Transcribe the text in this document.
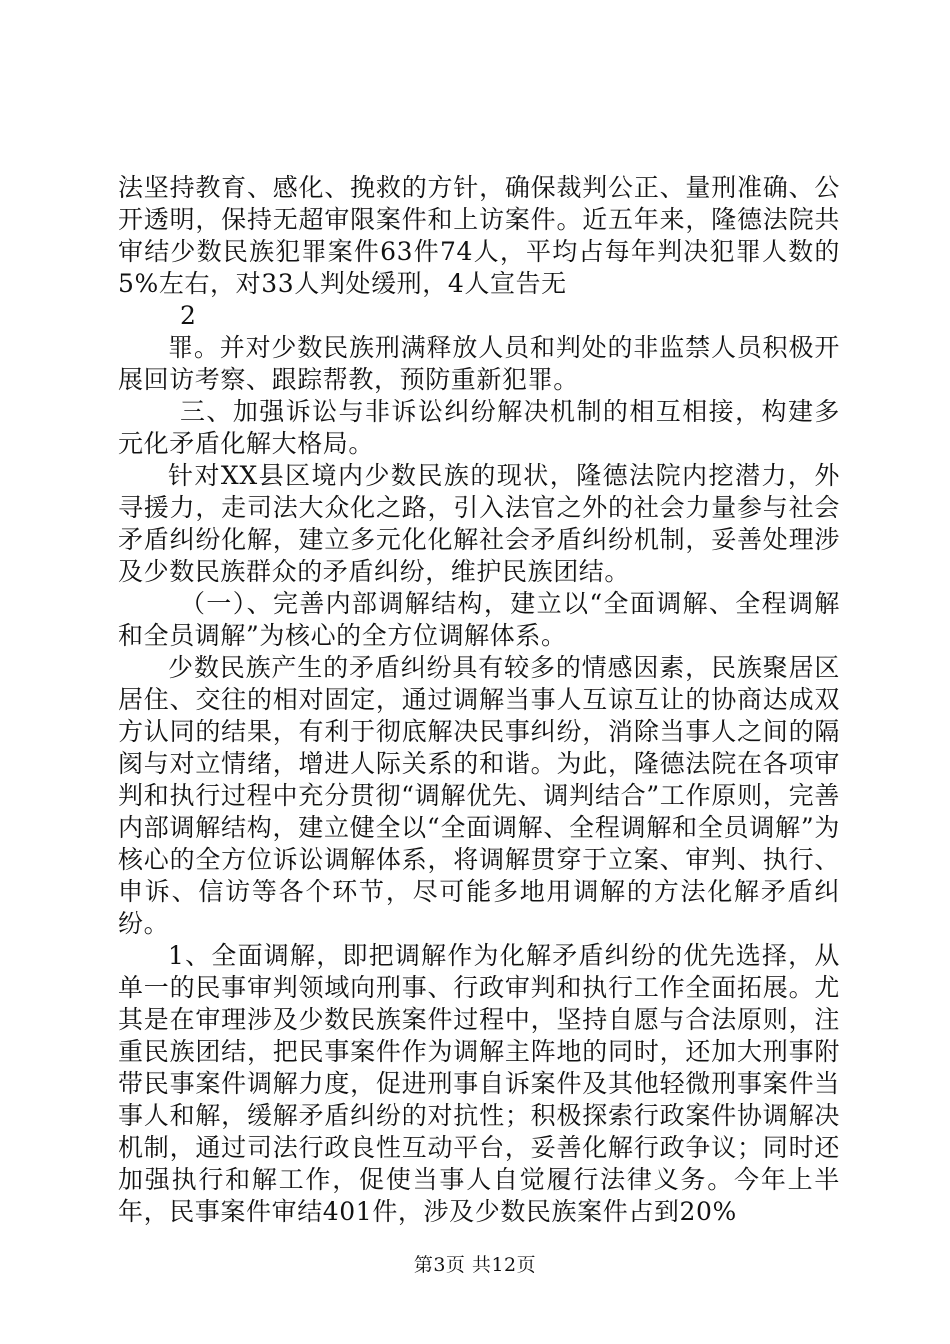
法坚持教育、感化、挽救的方针，确保裁判公正、量刑准确、公开透明，保持无超审限案件和上访案件。近五年来，隆德法院共审结少数民族犯罪案件63件74人，平均占每年判决犯罪人数的5%左右，对33人判处缓刑，4人宣告无

2

罪。并对少数民族刑满释放人员和判处的非监禁人员积极开展回访考察、跟踪帮教，预防重新犯罪。

三、加强诉讼与非诉讼纠纷解决机制的相互相接，构建多元化矛盾化解大格局。

针对XX县区境内少数民族的现状，隆德法院内挖潜力，外寻援力，走司法大众化之路，引入法官之外的社会力量参与社会矛盾纠纷化解，建立多元化化解社会矛盾纠纷机制，妥善处理涉及少数民族群众的矛盾纠纷，维护民族团结。

（一）、完善内部调解结构，建立以“全面调解、全程调解和全员调解”为核心的全方位调解体系。

少数民族产生的矛盾纠纷具有较多的情感因素，民族聚居区居住、交往的相对固定，通过调解当事人互谅互让的协商达成双方认同的结果，有利于彻底解决民事纠纷，消除当事人之间的隔阂与对立情绪，增进人际关系的和谐。为此，隆德法院在各项审判和执行过程中充分贯彻“调解优先、调判结合”工作原则，完善内部调解结构，建立健全以“全面调解、全程调解和全员调解”为核心的全方位诉讼调解体系，将调解贯穿于立案、审判、执行、申诉、信访等各个环节，尽可能多地用调解的方法化解矛盾纠纷。

1、全面调解，即把调解作为化解矛盾纠纷的优先选择，从单一的民事审判领域向刑事、行政审判和执行工作全面拓展。尤其是在审理涉及少数民族案件过程中，坚持自愿与合法原则，注重民族团结，把民事案件作为调解主阵地的同时，还加大刑事附带民事案件调解力度，促进刑事自诉案件及其他轻微刑事案件当事人和解，缓解矛盾纠纷的对抗性；积极探索行政案件协调解决机制，通过司法行政良性互动平台，妥善化解行政争议；同时还加强执行和解工作，促使当事人自觉履行法律义务。今年上半年，民事案件审结401件，涉及少数民族案件占到20%

第3页 共12页
